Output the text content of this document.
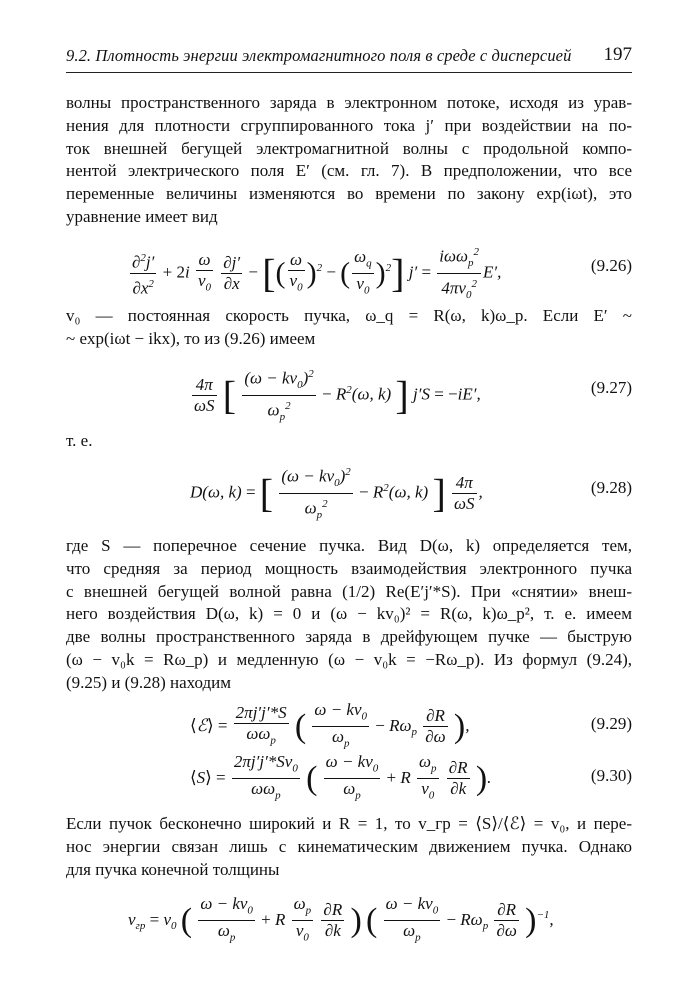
9.2. Плотность энергии электромагнитного поля в среде с дисперсией 197
волны пространственного заряда в электронном потоке, исходя из урав-
нения для плотности сгруппированного тока j′ при воздействии на по-
ток внешней бегущей электромагнитной волны с продольной компо-
нентой электрического поля E′ (см. гл. 7). В предположении, что все
переменные величины изменяются во времени по закону exp(iωt), это
уравнение имеет вид
$\frac{\partial^2j'}{\partial x^2} + 2i \frac{\omega}{v_0}$
$\frac{\partial j'}{\partial x}$ − [( $\frac{\omega}{v_0} )^2$ − ( $\frac{\omega_q}{v_0} )^2$] $j' = \frac{i\omega\omega_p^2}{4\pi v_0^2} E'$,	(9.26)
v₀ — постоянная скорость пучка, ω_q = R(ω, k)ω_p. Если E′ ~
~ exp(iωt − ikx), то из (9.26) имеем
$\frac{4\pi}{\omega S}$ [ $\frac{(\omega - kv_0)^2}{\omega_p^2} - R^2(\omega$, k) ] j′S = −iE′,	(9.27)
т. е.
D(ω, k) = [ $\frac{(\omega - kv_0)^2}{\omega_p^2} - R^2(\omega$, k) ] $\frac{4\pi}{\omega S}$ ,	(9.28)
где S — поперечное сечение пучка. Вид D(ω, k) определяется тем,
что средняя за период мощность взаимодействия электронного пучка
с внешней бегущей волной равна (1/2) Re(E′j′*S). При «снятии» внеш-
него воздействия D(ω, k) = 0 и (ω − kv₀)² = R(ω, k)ω_p², т. е. имеем
две волны пространственного заряда в дрейфующем пучке — быструю
(ω − v₀k = Rω_p) и медленную (ω − v₀k = −Rω_p). Из формул (9.24),
(9.25) и (9.28) находим
⟨ℰ⟩ = $\frac{2\pi j'j'*S}{\omega\omega_p}$ ( $\frac{\omega - kv_0}{\omega_p} - R\omega_p \frac{\partial R}{\partial\omega}$ ),	(9.29)
⟨S⟩ = $\frac{2\pi j'j'*Sv_0}{\omega\omega_p}$ ( $\frac{\omega - kv_0}{\omega_p} + R \frac{\omega_p}{v_0}$
$\frac{\partial R}{\partial k}$ ).	(9.30)
Если пучок бесконечно широкий и R = 1, то v_гр = ⟨S⟩/⟨ℰ⟩ = v₀, и пере-
нос энергии связан лишь с кинематическим движением пучка. Однако
для пучка конечной толщины
$v_{гр} = v_0$ ( $\frac{\omega - kv_0}{\omega_p} + R \frac{\omega_p}{v_0}$
$\frac{\partial R}{\partial k}$ ) ( $\frac{\omega - kv_0}{\omega_p} - R\omega_p \frac{\partial R}{\partial\omega} )^{-1}$,
